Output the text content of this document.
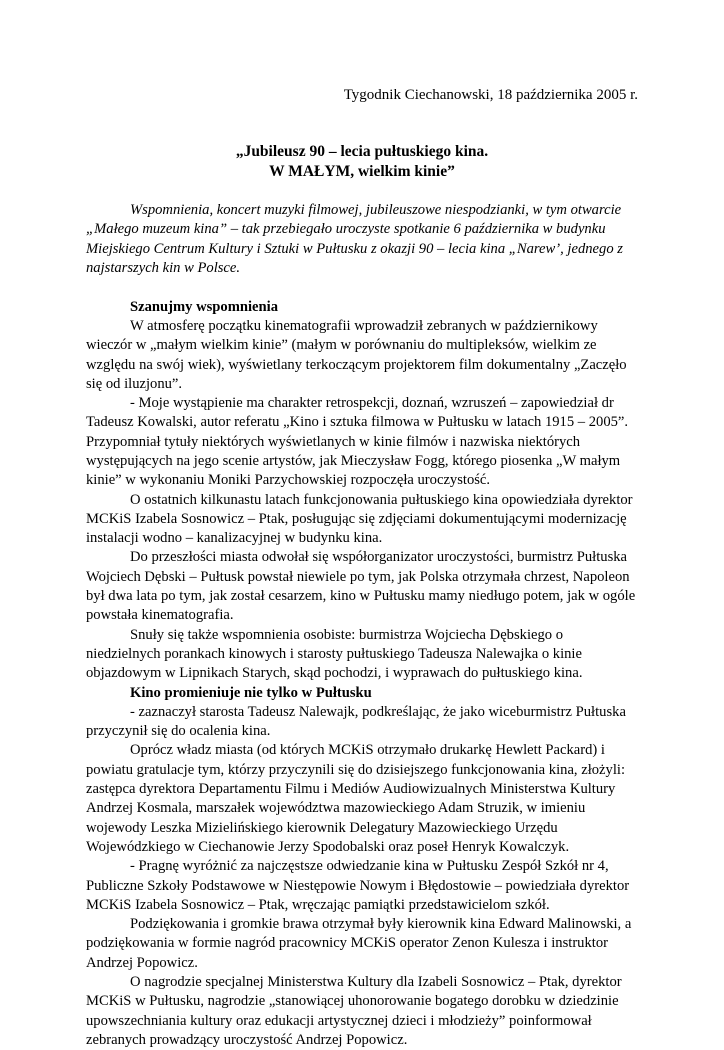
Tygodnik Ciechanowski, 18 października 2005 r.
„Jubileusz 90 – lecia pułtuskiego kina.
W MAŁYM, wielkim kinie”
Wspomnienia, koncert muzyki filmowej, jubileuszowe niespodzianki, w tym otwarcie „Małego muzeum kina” – tak przebiegało uroczyste spotkanie 6 października w budynku Miejskiego Centrum Kultury i Sztuki w Pułtusku z okazji 90 – lecia kina „Narew’, jednego z najstarszych kin w Polsce.
Szanujmy wspomnienia

W atmosferę początku kinematografii wprowadził zebranych w październikowy wieczór w „małym wielkim kinie” (małym w porównaniu do multipleksów, wielkim ze względu na swój wiek), wyświetlany terkoczącym projektorem film dokumentalny „Zaczęło się od iluzjonu”.

- Moje wystąpienie ma charakter retrospekcji, doznań, wzruszeń – zapowiedział dr Tadeusz Kowalski, autor referatu „Kino i sztuka filmowa w Pułtusku w latach 1915 – 2005”. Przypomniał tytuły niektórych wyświetlanych w kinie filmów i nazwiska niektórych występujących na jego scenie artystów, jak Mieczysław Fogg, którego piosenka „W małym kinie” w wykonaniu Moniki Parzychowskiej rozpoczęła uroczystość.

O ostatnich kilkunastu latach funkcjonowania pułtuskiego kina opowiedziała dyrektor MCKiS Izabela Sosnowicz – Ptak, posługując się zdjęciami dokumentującymi modernizację instalacji wodno – kanalizacyjnej w budynku kina.

Do przeszłości miasta odwołał się współorganizator uroczystości, burmistrz Pułtuska Wojciech Dębski – Pułtusk powstał niewiele po tym, jak Polska otrzymała chrzest, Napoleon był dwa lata po tym, jak został cesarzem, kino w Pułtusku mamy niedługo potem, jak w ogóle powstała kinematografia.

Snuły się także wspomnienia osobiste: burmistrza Wojciecha Dębskiego o niedzielnych porankach kinowych i starosty pułtuskiego Tadeusza Nalewajka o kinie objazdowym w Lipnikach Starych, skąd pochodzi, i wyprawach do pułtuskiego kina.

Kino promieniuje nie tylko w Pułtusku

- zaznaczył starosta Tadeusz Nalewajk, podkreślając, że jako wiceburmistrz Pułtuska przyczynił się do ocalenia kina.

Oprócz władz miasta (od których MCKiS otrzymało drukarkę Hewlett Packard) i powiatu gratulacje tym, którzy przyczynili się do dzisiejszego funkcjonowania kina, złożyli: zastępca dyrektora Departamentu Filmu i Mediów Audiowizualnych Ministerstwa Kultury Andrzej Kosmala, marszałek województwa mazowieckiego Adam Struzik, w imieniu wojewody Leszka Mizielińskiego kierownik Delegatury Mazowieckiego Urzędu Wojewódzkiego w Ciechanowie Jerzy Spodobalski oraz poseł Henryk Kowalczyk.

- Pragnę wyróżnić za najczęstsze odwiedzanie kina w Pułtusku Zespół Szkół nr 4, Publiczne Szkoły Podstawowe w Niestępowie Nowym i Błędostowie – powiedziała dyrektor MCKiS Izabela Sosnowicz – Ptak, wręczając pamiątki przedstawicielom szkół.

Podziękowania i gromkie brawa otrzymał były kierownik kina Edward Malinowski, a podziękowania w formie nagród pracownicy MCKiS operator Zenon Kulesza i instruktor Andrzej Popowicz.

O nagrodzie specjalnej Ministerstwa Kultury dla Izabeli Sosnowicz – Ptak, dyrektor MCKiS w Pułtusku, nagrodzie „stanowiącej uhonorowanie bogatego dorobku w dziedzinie upowszechniania kultury oraz edukacji artystycznej dzieci i młodzieży” poinformował zebranych prowadzący uroczystość Andrzej Popowicz.
